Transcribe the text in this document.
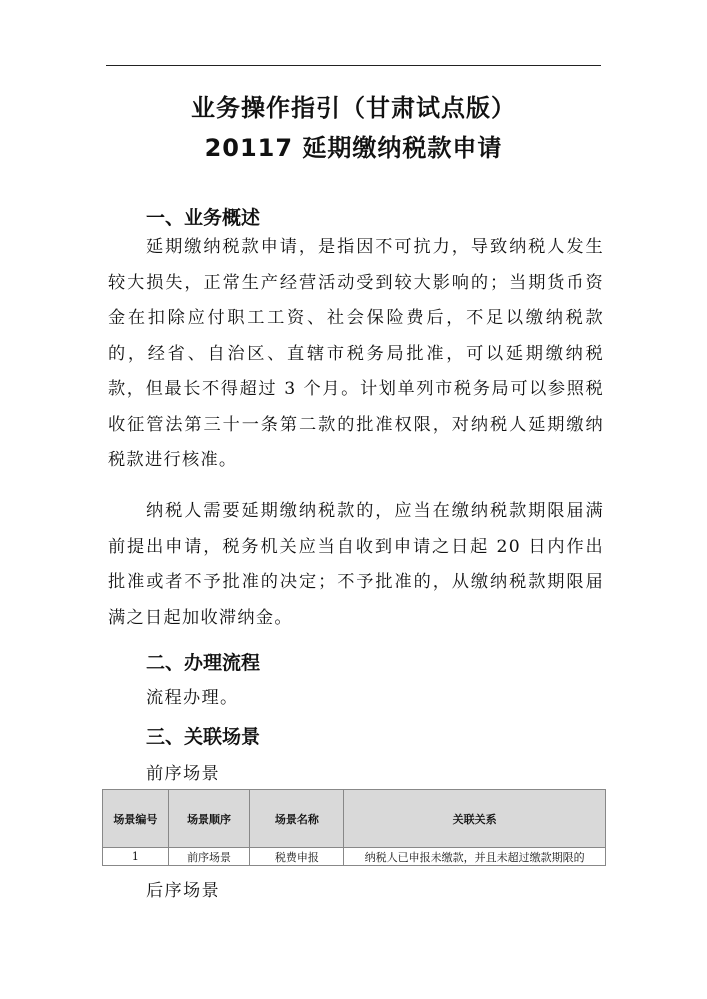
业务操作指引（甘肃试点版）
20117 延期缴纳税款申请
一、业务概述

延期缴纳税款申请，是指因不可抗力，导致纳税人发生较大损失，正常生产经营活动受到较大影响的；当期货币资金在扣除应付职工工资、社会保险费后，不足以缴纳税款的，经省、自治区、直辖市税务局批准，可以延期缴纳税款，但最长不得超过 3 个月。计划单列市税务局可以参照税收征管法第三十一条第二款的批准权限，对纳税人延期缴纳税款进行核准。

纳税人需要延期缴纳税款的，应当在缴纳税款期限届满前提出申请，税务机关应当自收到申请之日起 20 日内作出批准或者不予批准的决定；不予批准的，从缴纳税款期限届满之日起加收滞纳金。

二、办理流程
流程办理。
三、关联场景
前序场景
场景编号	场景顺序	场景名称	关联关系
1	前序场景	税费申报	纳税人已申报未缴款，并且未超过缴款期限的
后序场景
